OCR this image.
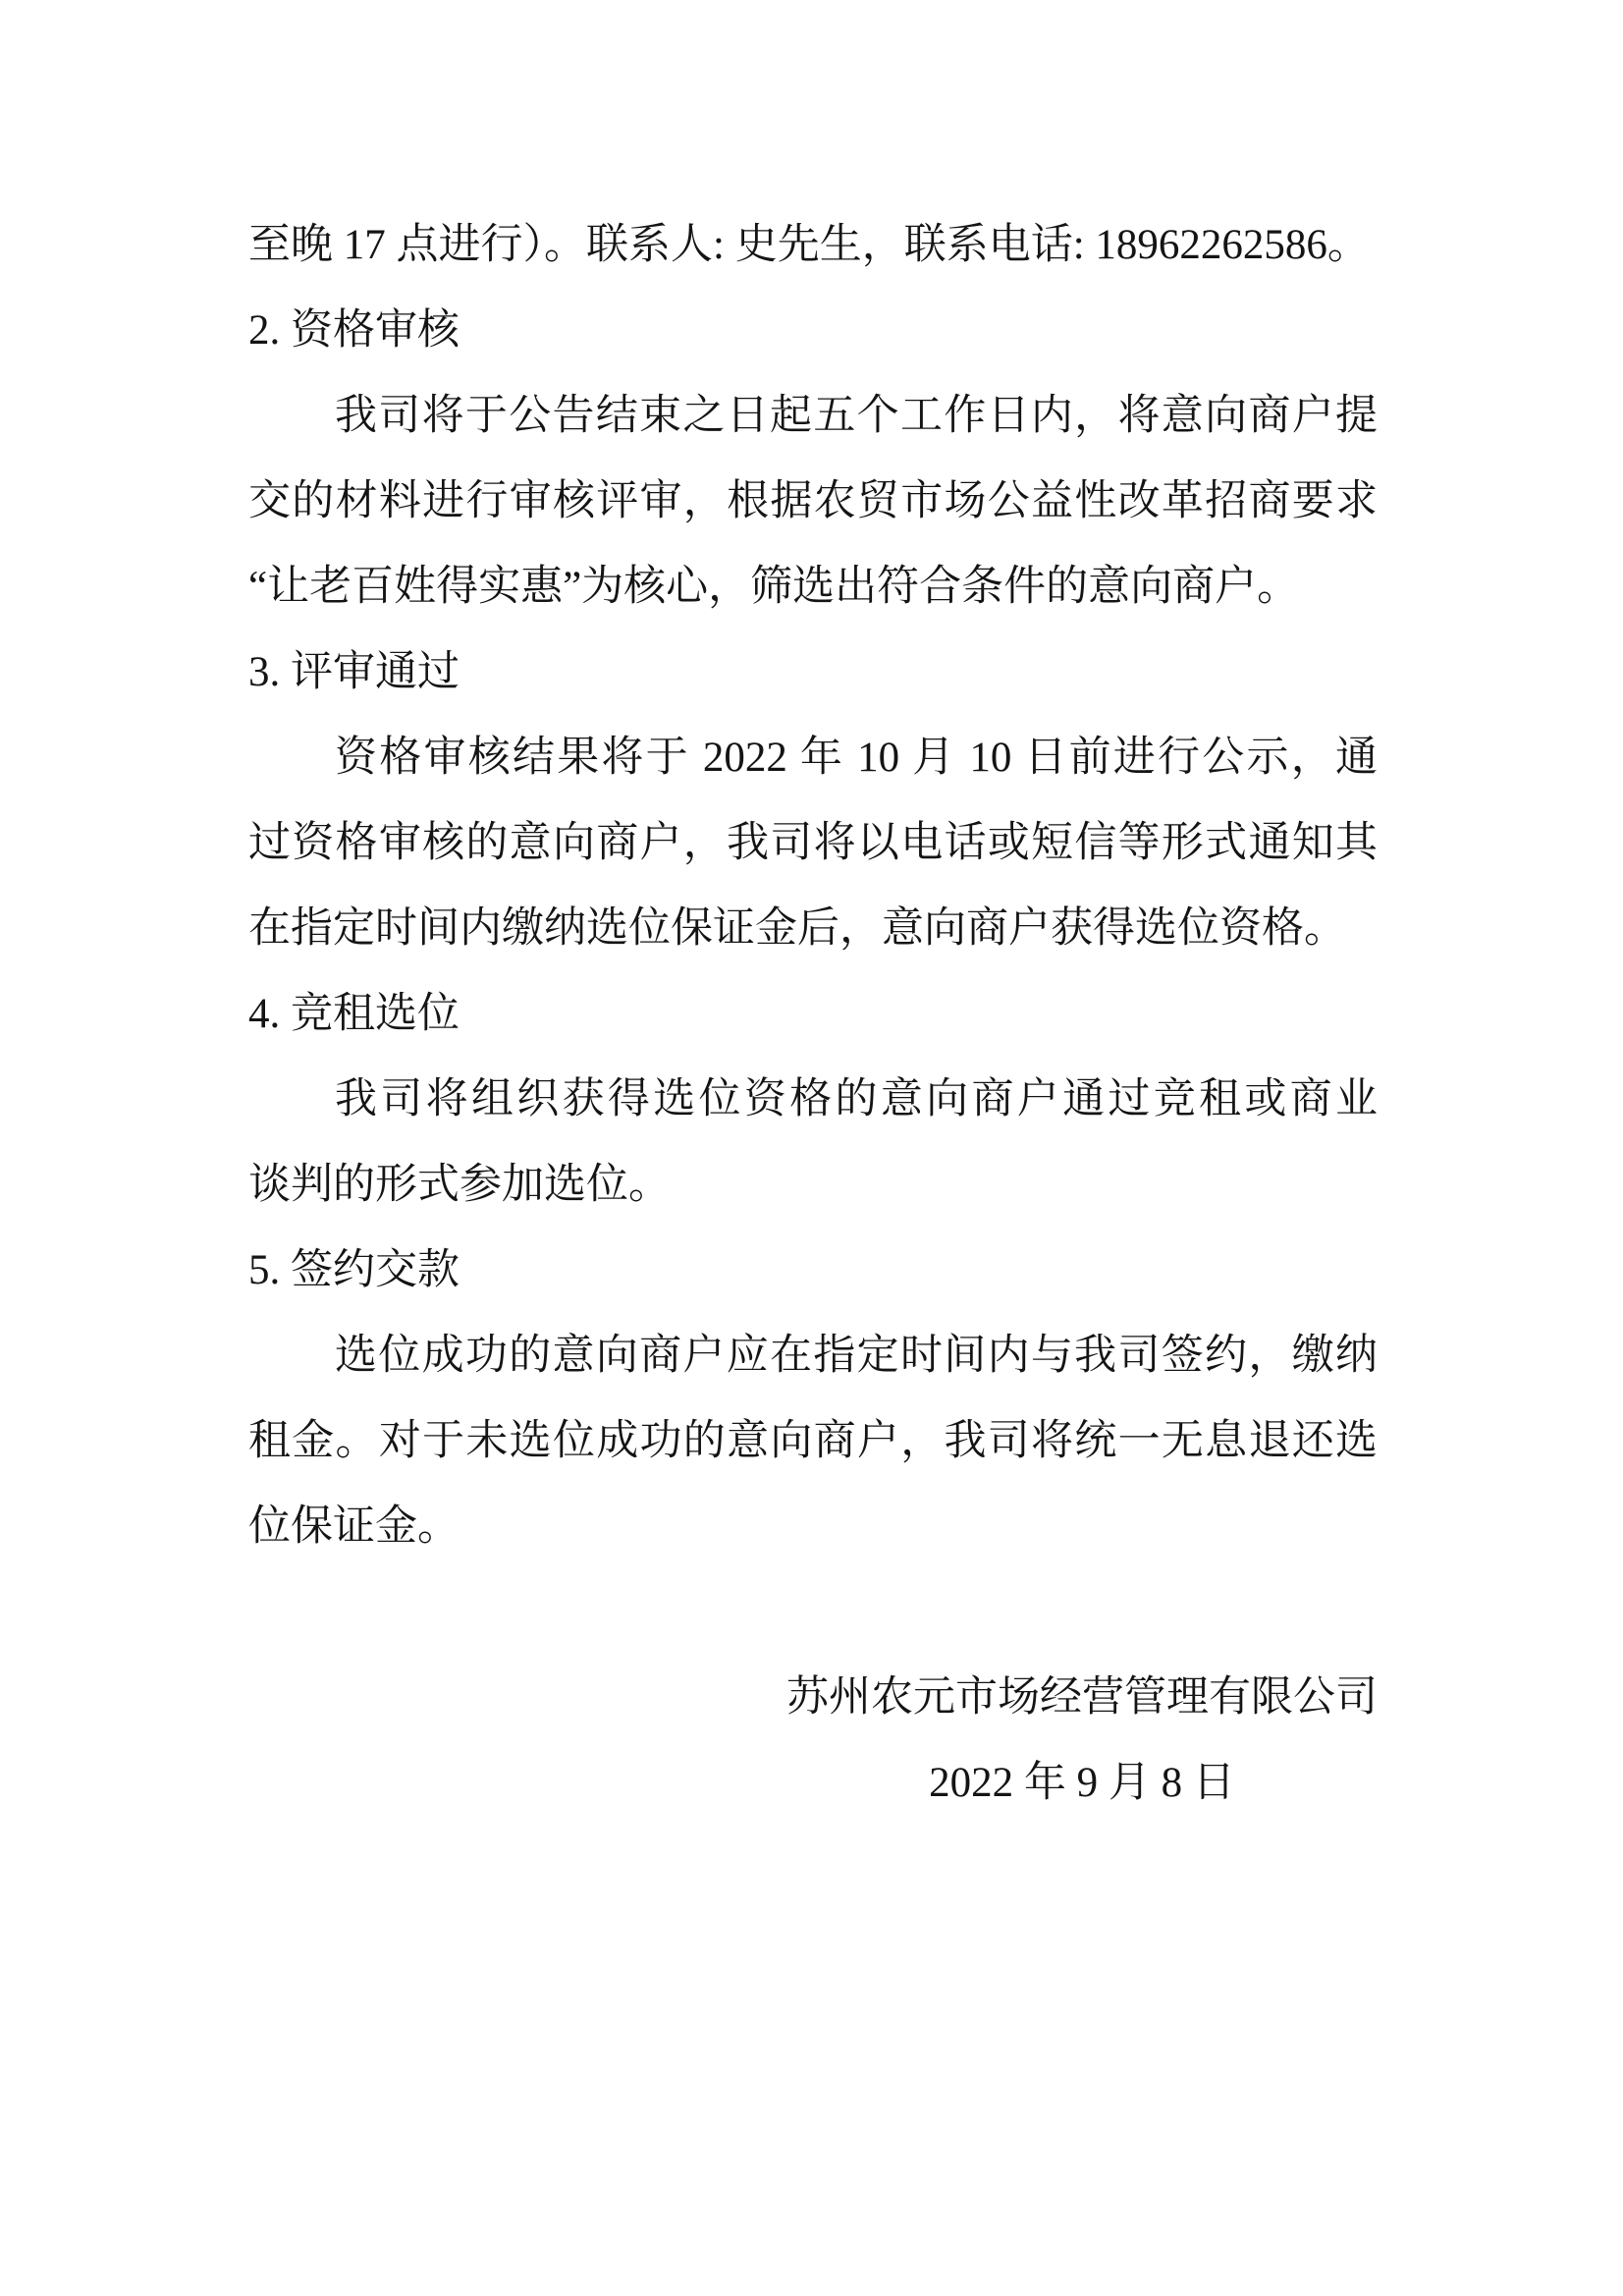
至晚 17 点进行）。联系人: 史先生，联系电话: 18962262586。
2. 资格审核
我司将于公告结束之日起五个工作日内，将意向商户提
交的材料进行审核评审，根据农贸市场公益性改革招商要求
“让老百姓得实惠”为核心，筛选出符合条件的意向商户。
3. 评审通过
资格审核结果将于 2022 年 10 月 10 日前进行公示，通
过资格审核的意向商户，我司将以电话或短信等形式通知其
在指定时间内缴纳选位保证金后，意向商户获得选位资格。
4. 竞租选位
我司将组织获得选位资格的意向商户通过竞租或商业
谈判的形式参加选位。
5. 签约交款
选位成功的意向商户应在指定时间内与我司签约，缴纳
租金。对于未选位成功的意向商户，我司将统一无息退还选
位保证金。
苏州农元市场经营管理有限公司
2022 年 9 月 8 日
